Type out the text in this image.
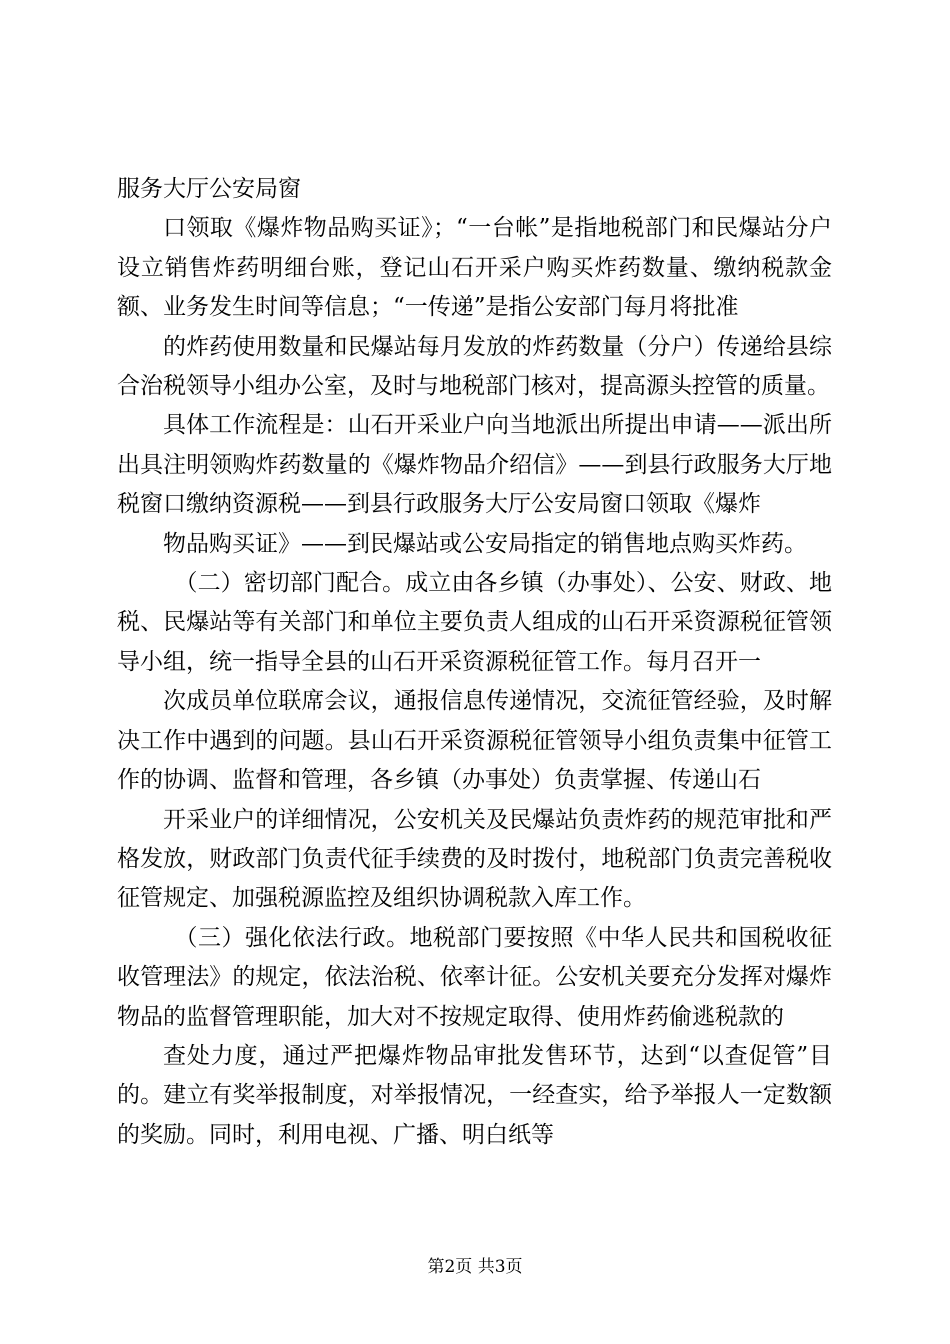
服务大厅公安局窗

口领取《爆炸物品购买证》；“一台帐”是指地税部门和民爆站分户设立销售炸药明细台账，登记山石开采户购买炸药数量、缴纳税款金额、业务发生时间等信息；“一传递”是指公安部门每月将批准

的炸药使用数量和民爆站每月发放的炸药数量（分户）传递给县综合治税领导小组办公室，及时与地税部门核对，提高源头控管的质量。

具体工作流程是：山石开采业户向当地派出所提出申请——派出所出具注明领购炸药数量的《爆炸物品介绍信》——到县行政服务大厅地税窗口缴纳资源税——到县行政服务大厅公安局窗口领取《爆炸

物品购买证》——到民爆站或公安局指定的销售地点购买炸药。

（二）密切部门配合。成立由各乡镇（办事处）、公安、财政、地税、民爆站等有关部门和单位主要负责人组成的山石开采资源税征管领导小组，统一指导全县的山石开采资源税征管工作。每月召开一

次成员单位联席会议，通报信息传递情况，交流征管经验，及时解决工作中遇到的问题。县山石开采资源税征管领导小组负责集中征管工作的协调、监督和管理，各乡镇（办事处）负责掌握、传递山石

开采业户的详细情况，公安机关及民爆站负责炸药的规范审批和严格发放，财政部门负责代征手续费的及时拨付，地税部门负责完善税收征管规定、加强税源监控及组织协调税款入库工作。

（三）强化依法行政。地税部门要按照《中华人民共和国税收征收管理法》的规定，依法治税、依率计征。公安机关要充分发挥对爆炸物品的监督管理职能，加大对不按规定取得、使用炸药偷逃税款的

查处力度，通过严把爆炸物品审批发售环节，达到“以查促管”目的。建立有奖举报制度，对举报情况，一经查实，给予举报人一定数额的奖励。同时，利用电视、广播、明白纸等

第2页 共3页
